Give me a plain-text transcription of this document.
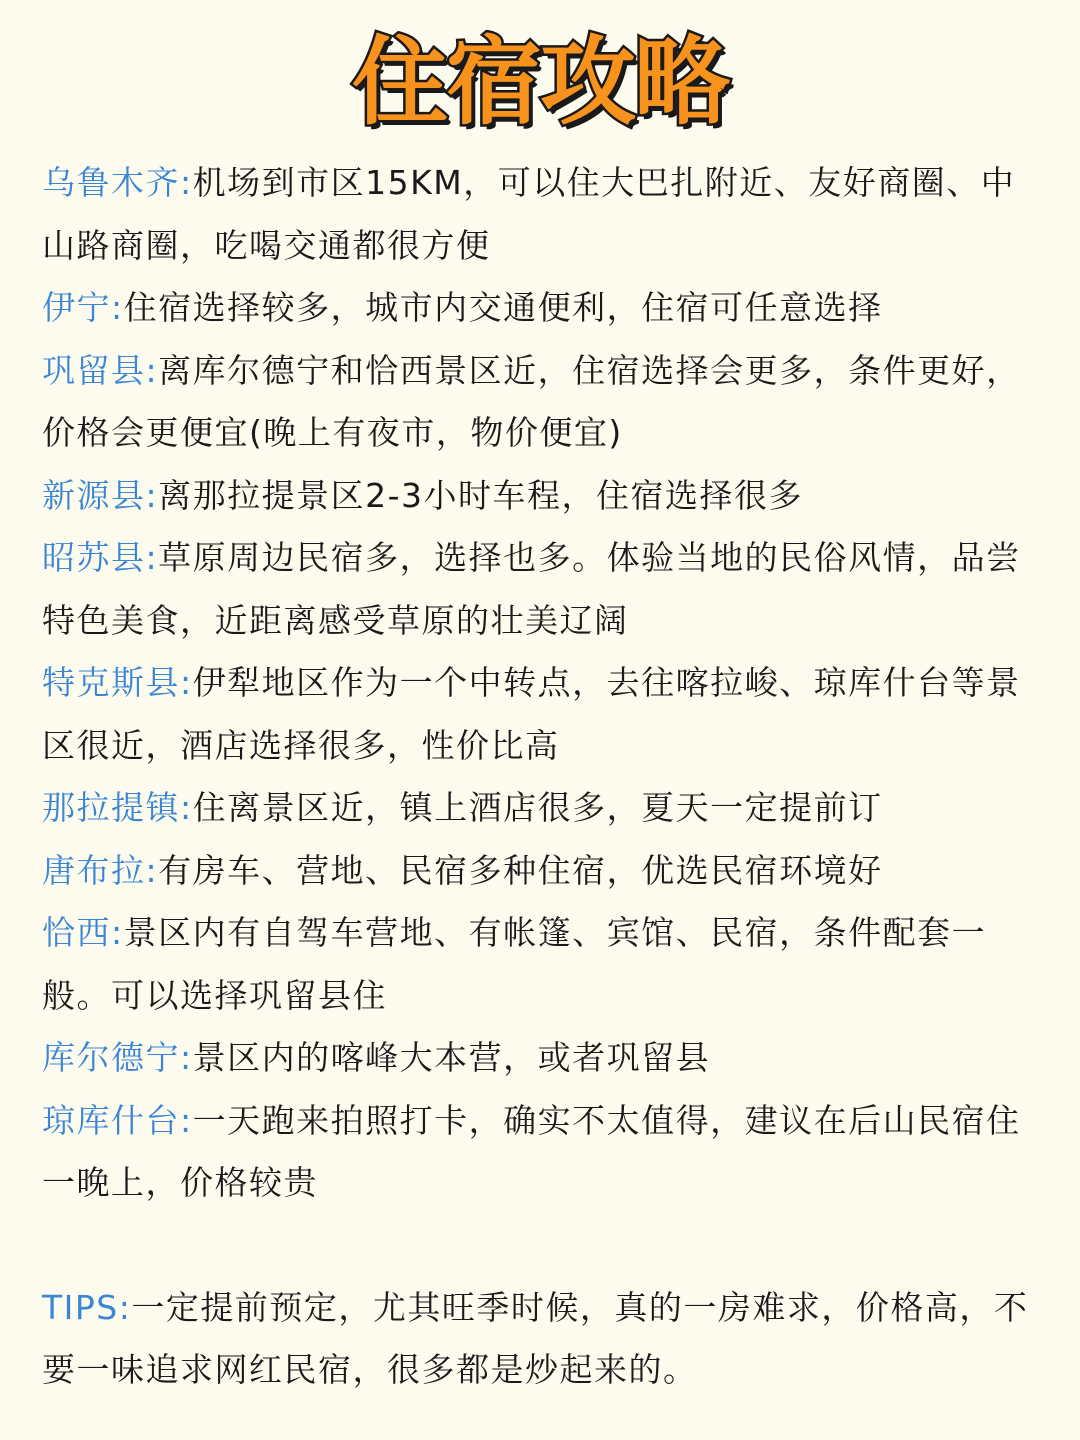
住宿攻略

乌鲁木齐:机场到市区15KM，可以住大巴扎附近、友好商圈、中山路商圈，吃喝交通都很方便

伊宁:住宿选择较多，城市内交通便利，住宿可任意选择

巩留县:离库尔德宁和恰西景区近，住宿选择会更多，条件更好，价格会更便宜(晚上有夜市，物价便宜)

新源县:离那拉提景区2-3小时车程，住宿选择很多

昭苏县:草原周边民宿多，选择也多。体验当地的民俗风情，品尝特色美食，近距离感受草原的壮美辽阔

特克斯县:伊犁地区作为一个中转点，去往喀拉峻、琼库什台等景区很近，酒店选择很多，性价比高

那拉提镇:住离景区近，镇上酒店很多，夏天一定提前订

唐布拉:有房车、营地、民宿多种住宿，优选民宿环境好

恰西:景区内有自驾车营地、有帐篷、宾馆、民宿，条件配套一般。可以选择巩留县住

库尔德宁:景区内的喀峰大本营，或者巩留县

琼库什台:一天跑来拍照打卡，确实不太值得，建议在后山民宿住一晚上，价格较贵

TIPS:一定提前预定，尤其旺季时候，真的一房难求，价格高，不要一味追求网红民宿，很多都是炒起来的。
